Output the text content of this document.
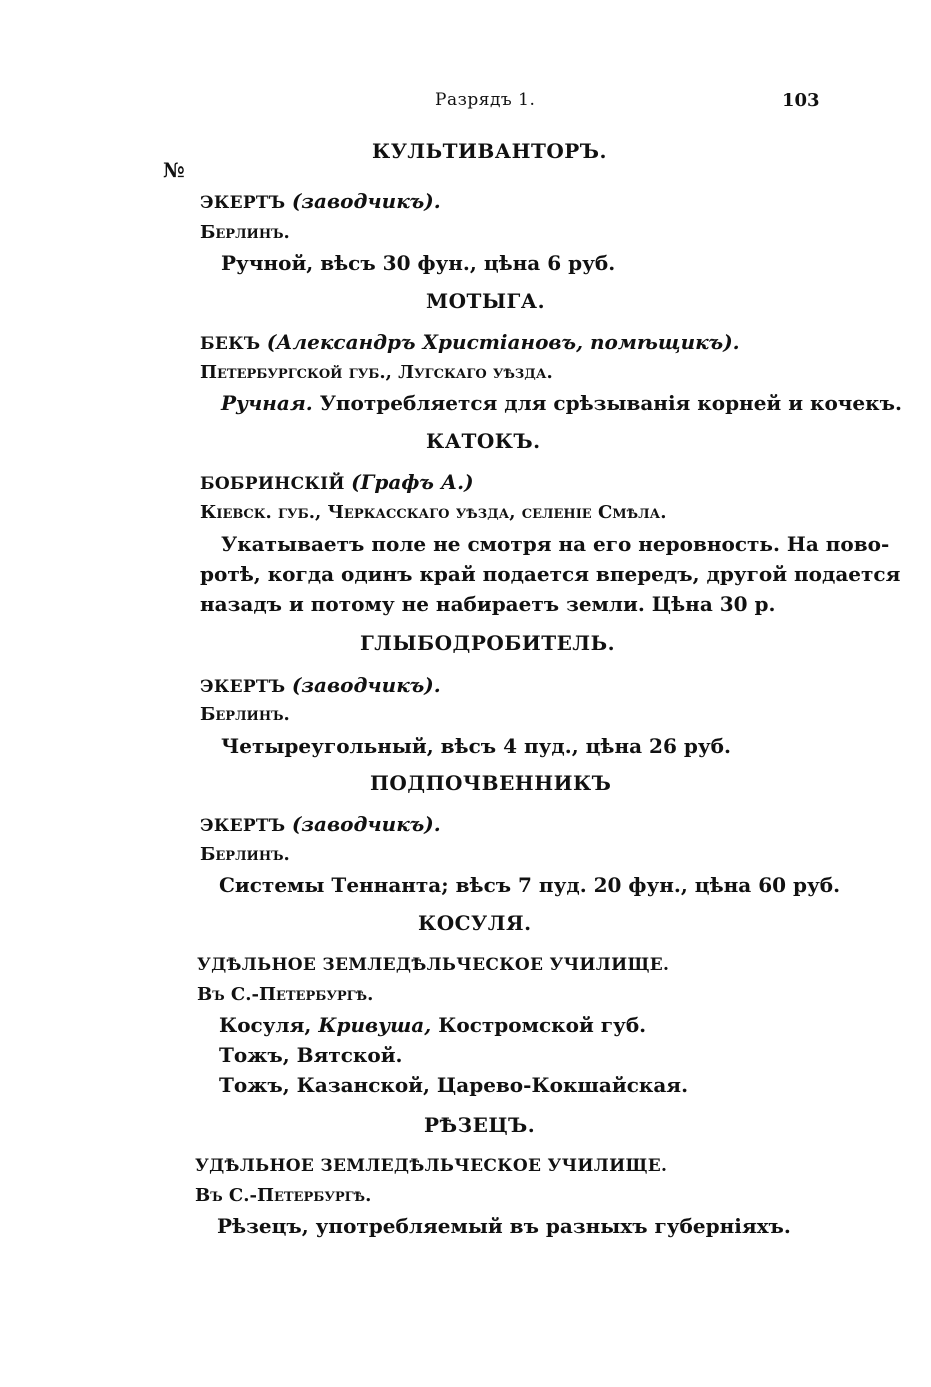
Разрядъ 1.	103
№
КУЛЬТИВАНТОРЪ.
ЭКЕРТЪ (заводчикъ).
Берлинъ.
Ручной, вѣсъ 30 фун., цѣна 6 руб.
МОТЫГА.
БЕКЪ (Александръ Христiановъ, помѣщикъ).
Петербургской губ., Лугскаго уѣзда.
Ручная. Употребляется для срѣзыванiя корней и кочекъ.
КАТОКЪ.
БОБРИНСКIЙ (Графъ А.)
Кiевск. губ., Черкасскаго уѣзда, селенiе Смѣла.
Укатываетъ поле не смотря на его неровность. На пово-
ротѣ, когда одинъ край подается впередъ, другой подается
назадъ и потому не набираетъ земли. Цѣна 30 р.
ГЛЫБОДРОБИТЕЛЬ.
ЭКЕРТЪ (заводчикъ).
Берлинъ.
Четыреугольный, вѣсъ 4 пуд., цѣна 26 руб.
ПОДПОЧВЕННИКЪ
ЭКЕРТЪ (заводчикъ).
Берлинъ.
Системы Теннанта; вѣсъ 7 пуд. 20 фун., цѣна 60 руб.
КОСУЛЯ.
УДѢЛЬНОЕ ЗЕМЛЕДѢЛЬЧЕСКОЕ УЧИЛИЩЕ.
Въ С.-Петербургѣ.
Косуля, Кривуша, Костромской губ.
Тожъ, Вятской.
Тожъ, Казанской, Царево-Кокшайская.
РѢЗЕЦЪ.
УДѢЛЬНОЕ ЗЕМЛЕДѢЛЬЧЕСКОЕ УЧИЛИЩЕ.
Въ С.-Петербургѣ.
Рѣзецъ, употребляемый въ разныхъ губернiяхъ.
